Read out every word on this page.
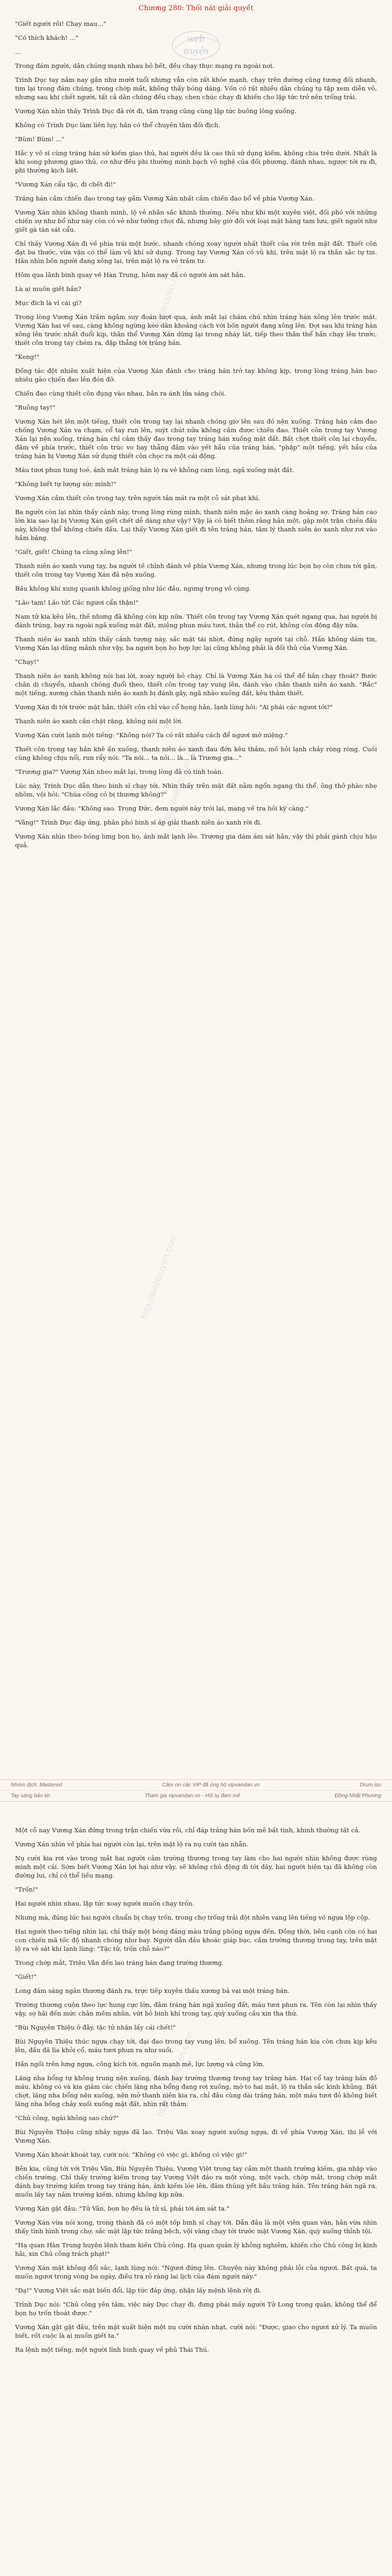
Chương 280: Thối nát giải quyết
web
truyện
http://webtruyen.com
http://webtruyen.com
http://webtruyen.com
http://webtruyen.com

"Giết người rồi! Chạy mau..."

"Có thích khách! ..."

...

Trong đám người, dân chúng mạnh nhau bỏ hết, đều chạy thục mạng ra ngoài nơi.

Trình Dục tay nắm nay gần như mười tuổi nhưng vẫn còn rất khỏe mạnh, chạy trên đường cũng tương đối nhanh, tim lại trong đám chúng, trong chớp mắt, không thấy bóng dáng. Vốn có rất nhiều dân chúng tụ tập xem diễn võ, nhưng sau khi chết người, tất cả dân chúng đều chạy, chen chúc chạy đi khiến cho lập tức trở nên trống trải.

Vương Xán nhìn thấy Trình Dục đã rời đi, tâm trạng cũng cùng lập tức buông lỏng xuống.

Không có Trình Dục làm liên lụy, hắn có thể chuyên tâm đối địch.

"Bùm! Bùm! ..."

Hắc y võ sĩ cùng tráng hán sử kiếm giao thủ, hai người đều là cao thủ sử dụng kiếm, không chia trên dưới. Nhất là khi song phương giao thủ, cơ như đều phi thường minh bạch võ nghệ của đối phương, đánh nhau, ngược tới ra đi, phi thường kịch liệt.

"Vương Xán cẩu tặc, đi chết đi!"

Tráng hán cầm chiến đao trong tay gầm Vương Xán nhất cầm chiến đao bổ về phía Vương Xán.

Vương Xán nhìn không thanh minh, lộ vẻ nhân sắc khinh thường. Nếu như khi một xuyên việt, đối phó với những chiến sự như bổ như này còn có vẻ như tưởng chọi đã, nhưng bây giờ đối với loại mặt hàng tam lưu, giết người như giết gà tàn sát cẩu.

Chỉ thấy Vương Xán đi về phía trái một bước, nhanh chóng xoay người nhất thiết của rời trên mặt đất. Thiết côn đạt ba thước, vừa vặn có thể làm vũ khí sử dụng. Trong tay Vương Xán có vũ khí, trên mặt lộ ra thần sắc tự tin. Hắn nhìn bốn người đang xông lại, trên mặt lộ ra vẻ trầm tư.

Hôm qua lãnh binh quay về Hàn Trung, hôm nay đã có người ám sát hắn.

Là ai muốn giết hắn?

Mục đích là vì cái gì?

Trong lòng Vương Xán trầm ngâm suy đoán lượt qua, ánh mắt lại chăm chú nhìn tráng hán xông lên trước mặt. Vương Xán hai vế sau, càng không ngừng kéo dãn khoảng cách với bốn người đang xông lên. Đợi sau khi tráng hán xông lên trước nhất đuổi kịp, thân thể Vương Xán dừng lại trong nháy lát, tiếp theo thân thể hắn chạy lên trước, thiết côn trong tay chém ra, đập thẳng tới tráng hán.

"Keng!"

Đồng tác đột nhiên xuất hiện của Vương Xán đánh cho tráng hán trở tay không kịp, trong lòng tráng hán bao nhiêu gào chiến đao lên đón đỡ.

Chiến đao cùng thiết côn đụng vào nhau, bắn ra ánh lửa sáng chói.

"Buông tay!"

Vương Xán hét lên một tiếng, thiết côn trong tay lại nhanh chóng giơ lên sau đó nện xuống. Tráng hán cảm đao chống Vương Xán va chạm, cổ tay run lên, suýt chút nữa không cầm được chiến đao. Thiết côn trong tay Vương Xán lại nện xuống, tráng hán chỉ cảm thấy đao trong tay tráng hán xuống mặt đất. Bất chợt thiết côn lại chuyển, đâm về phía trước, thiết côn trúc vo bay thẳng đâm vào yết hầu của tráng hán, "phập" một tiếng, yết hầu của tráng hán bị Vương Xán sử dụng thiết côn chọc ra một cái động.

Máu tươi phun tung toé, ánh mắt tráng hán lộ ra vẻ không cam lòng, ngã xuống mặt đất.

"Không biết tự lượng sức mình!"

Vương Xán cầm thiết côn trong tay, trên người tản mát ra một cỗ sát phạt khí.

Ba người còn lại nhìn thấy cảnh này, trong lòng rùng mình, thanh niên mặc áo xanh càng hoảng sợ. Tráng hán cao lớn kia sao lại bị Vương Xán giết chết dễ dàng như vậy? Vậy là có biết thêm rằng hắn một, gặp một trận chiến đấu này, không thể không chiến đấu. Lại thấy Vương Xán giết đi tên tráng hán, tâm lý thanh niên áo xanh như rơi vào hầm băng.

"Giết, giết! Chúng ta cùng xông lên!"

Thanh niên áo xanh vung tay, ba người tề chỉnh đánh về phía Vương Xán, nhưng trong lúc bọn họ còn chưa tới gần, thiết côn trong tay Vương Xán đã nện xuống.

Bầu không khí xung quanh không giống như lúc đầu, ngưng trọng vô cùng.

"Lão tam! Lão tứ! Các ngươi cẩn thận!"

Nam tử kia kêu lên, thế nhưng đã không còn kịp nữa. Thiết côn trong tay Vương Xán quét ngang qua, hai người bị đánh trúng, bay ra ngoài ngã xuống mặt đất, miệng phun máu tươi, thân thể co rút, không còn động đậy nữa.

Thanh niên áo xanh nhìn thấy cảnh tượng này, sắc mặt tái nhợt, đứng ngây người tại chỗ. Hắn không dám tin, Vương Xán lại dũng mãnh như vậy, ba người bọn họ hợp lực lại cũng không phải là đối thủ của Vương Xán.

"Chạy!"

Thanh niên áo xanh không nói hai lời, xoay người bỏ chạy. Chỉ là Vương Xán há có thể để hắn chạy thoát? Bước chân di chuyển, nhanh chóng đuổi theo, thiết côn trong tay vung lên, đánh vào chân thanh niên áo xanh. "Rắc" một tiếng, xương chân thanh niên áo xanh bị đánh gãy, ngã nhào xuống đất, kêu thảm thiết.

Vương Xán đi tới trước mặt hắn, thiết côn chỉ vào cổ họng hắn, lạnh lùng hỏi: "Ai phái các ngươi tới?"

Thanh niên áo xanh cắn chặt răng, không nói một lời.

Vương Xán cười lạnh một tiếng: "Không nói? Ta có rất nhiều cách để ngươi mở miệng."

Thiết côn trong tay hắn khẽ ấn xuống, thanh niên áo xanh đau đớn kêu thảm, mồ hôi lạnh chảy ròng ròng. Cuối cùng không chịu nổi, run rẩy nói: "Ta nói... ta nói... là... là Trương gia..."

"Trương gia?" Vương Xán nheo mắt lại, trong lòng đã có tính toán.

Lúc này, Trình Dục dẫn theo binh sĩ chạy tới. Nhìn thấy trên mặt đất nằm ngổn ngang thi thể, ông thở phào nhẹ nhõm, vội hỏi: "Chúa công có bị thương không?"

Vương Xán lắc đầu: "Không sao. Trọng Đức, đem người này trói lại, mang về tra hỏi kỹ càng."

"Vâng!" Trình Dục đáp ứng, phân phó binh sĩ áp giải thanh niên áo xanh rời đi.

Vương Xán nhìn theo bóng lưng bọn họ, ánh mắt lạnh lẽo. Trương gia dám ám sát hắn, vậy thì phải gánh chịu hậu quả.

Nhóm dịch: Mastered	Cảm ơn các VIP đã ủng hộ vipvandan.vn	Drum.iso
Tay sáng bảo tin	Tham gia vipvandan.vn - Hội tụ đam mê	Đồng Nhất Phương

Một cỗ nay Vương Xán đứng trong trận chiến vừa rồi, chỉ đáp tráng hán bốn mê bất tình, khinh thường tất cả.

Vương Xán nhìn về phía hai người còn lại, trên mặt lộ ra nụ cười tàn nhẫn.

Nụ cười kia rơi vào trong mắt hai người cảm trường thương trong tay làm cho hai người nhìn không được rùng mình một cái. Sớm biết Vương Xán lợi hại như vậy, sẽ không chủ động đi tới đây, hai người hiện tại đã không còn đường lui, chỉ có thể liều mạng.

"Trốn!"

Hai người nhìn nhau, lập tức xoay người muốn chạy trốn.

Nhưng mà, đúng lúc hai người chuẩn bị chạy trốn, trong chợ trống trải đột nhiên vang lên tiếng vó ngựa lộp cộp.

Hai người theo tiếng nhìn lại, chỉ thấy một bóng đáng màu trắng phóng ngựa đến. Đồng thời, bên cạnh còn có hai con chiến mã tốc độ nhanh chóng như bay. Người dẫn đầu khoác giáp bạc, cầm trường thương trong tay, trên mặt lộ ra vẻ sát khí lạnh lùng: "Tặc tử, trốn chỗ nào?"

Trong chớp mắt, Triệu Vân đến lao tráng hán đang trường thương.

"Giết!"

Long đảm sáng ngân thương đánh ra, trực tiếp xuyên thấu xương bả vai một tráng hán.

Trường thương cuộn theo lực hung cực lớn, đâm tráng hán ngã xuống đất, máu tươi phun ra. Tên còn lại nhìn thấy vậy, sợ hãi đến mức chân mềm nhũn, vứt bỏ binh khí trong tay, quỳ xuống cầu xin tha thứ.

"Bùi Nguyên Thiệu ở đây, tặc tử nhận lấy cái chết!"

Bùi Nguyên Thiệu thúc ngựa chạy tới, đại đao trong tay vung lên, bổ xuống. Tên tráng hán kia còn chưa kịp kêu lên, đầu đã lìa khỏi cổ, máu tươi phun ra như suối.

Hắn ngồi trên lưng ngựa, công kích tới, nguồn mạnh mẽ, lực lượng và cũng lớn.

Lăng nha bổng tự không trung nện xuống, đánh bay trường thương trong tay tráng hán. Hai cổ tay tráng hán đồ máu, không có và kia giảm các chiến lăng nha bổng đang rơi xuống, mở to hai mắt, lộ ra thần sắc kinh khủng. Bất chợt, lăng nha bổng nện xuống, nện mở thanh niên kia ra, chỉ đâu cùng dài tráng hán, một máu tươi đỏ không biết lăng nha bổng chảy xuối xuống mặt đất, nhìn rất thảm.

"Chủ công, ngài không sao chứ?"

Bùi Nguyên Thiệu cũng nhảy ngựa đã lao. Triệu Vân xoay người xuống ngựa, đi về phía Vương Xán, thi lễ với Vương Xán.

Vương Xán khoát khoát tay, cười nói: "Không có việc gì, không có việc gì!"

Bên kia, cũng tới với Triệu Vân, Bùi Nguyên Thiệu, Vương Việt trong tay cầm một thanh trường kiếm, gia nhập vào chiến trường. Chỉ thấy trường kiếm trong tay Vương Việt đảo ra một vòng, một vạch, chớp mắt, trong chớp mắt đánh bay trường kiếm trong tay tráng hán, ánh kiếm lóe lên, đâm thủng yết hầu tráng hán. Tên tráng hán ngã ra, muốn lấy tay nắm trường kiếm, nhưng không kịp nữa.

Vương Xán gật đầu: "Tử Vân, bọn họ đều là tử sĩ, phái tới ám sát ta."

Vương Xán vừa nói xong, trong thành đã có một tốp binh sĩ chạy tới. Dẫn đầu là một viên quan văn, hắn vừa nhìn thấy tình hình trong chợ, sắc mặt lập tức trắng bệch, vội vàng chạy tới trước mặt Vương Xán, quỳ xuống thỉnh tội.

"Hạ quan Hàn Trung huyện lệnh tham kiến Chủ công. Hạ quan quản lý không nghiêm, khiến cho Chủ công bị kinh hãi, xin Chủ công trách phạt!"

Vương Xán mặt không đổi sắc, lạnh lùng nói: "Ngươi đứng lên. Chuyện này không phải lỗi của ngươi. Bất quá, ta muốn ngươi trong vòng ba ngày, điều tra rõ ràng lai lịch của đám người này."

"Dạ!" Vương Việt sắc mặt biến đổi, lập tức đáp ứng, nhận lấy mệnh lệnh rời đi.

Trình Dục nói: "Chủ công yên tâm, việc này Dục chạy đi, đưng phái mấy người Tử Long trong quân, không thể để bọn họ trốn thoát được."

Vương Xán gật gật đầu, trên mặt xuất hiện một nụ cười nhàn nhạt, cười nói: "Được, giao cho ngươi xử lý. Ta muốn biết, rốt cuộc là ai muốn giết ta."

Ra lệnh một tiếng, một người lĩnh binh quay về phủ Thái Thú.
